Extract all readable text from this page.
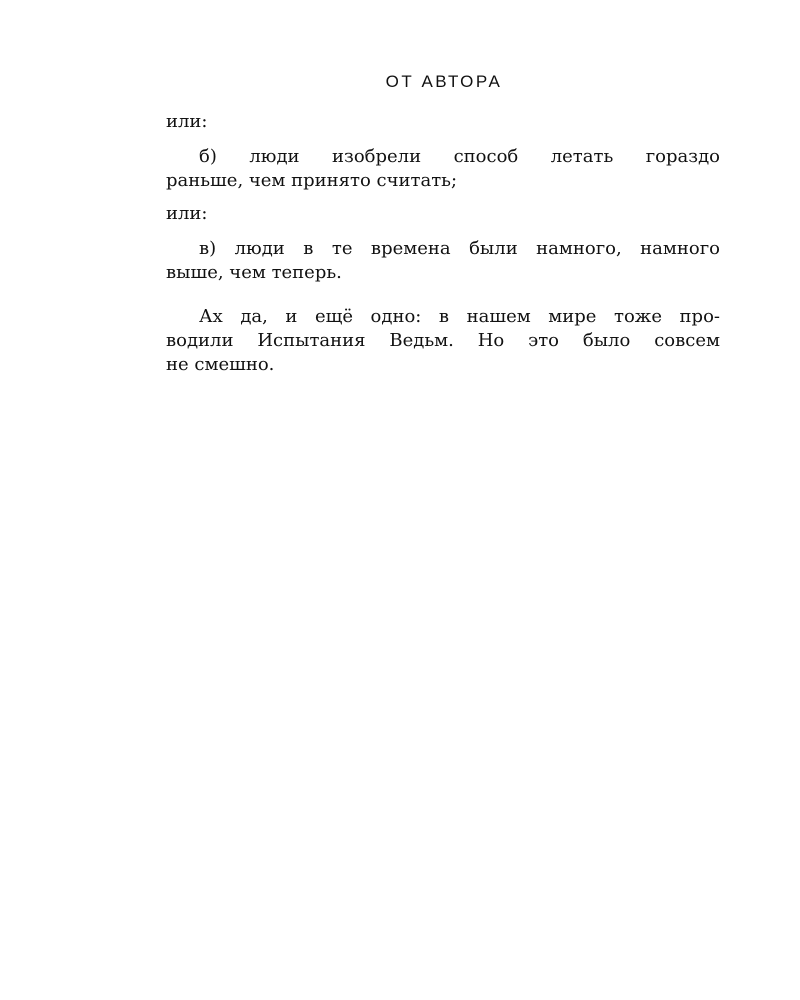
ОТ АВТОРА
или:
б) люди изобрели способ летать гораздо
раньше, чем принято считать;
или:
в) люди в те времена были намного, намного
выше, чем теперь.
Ах да, и ещё одно: в нашем мире тоже про-
водили Испытания Ведьм. Но это было совсем
не смешно.
